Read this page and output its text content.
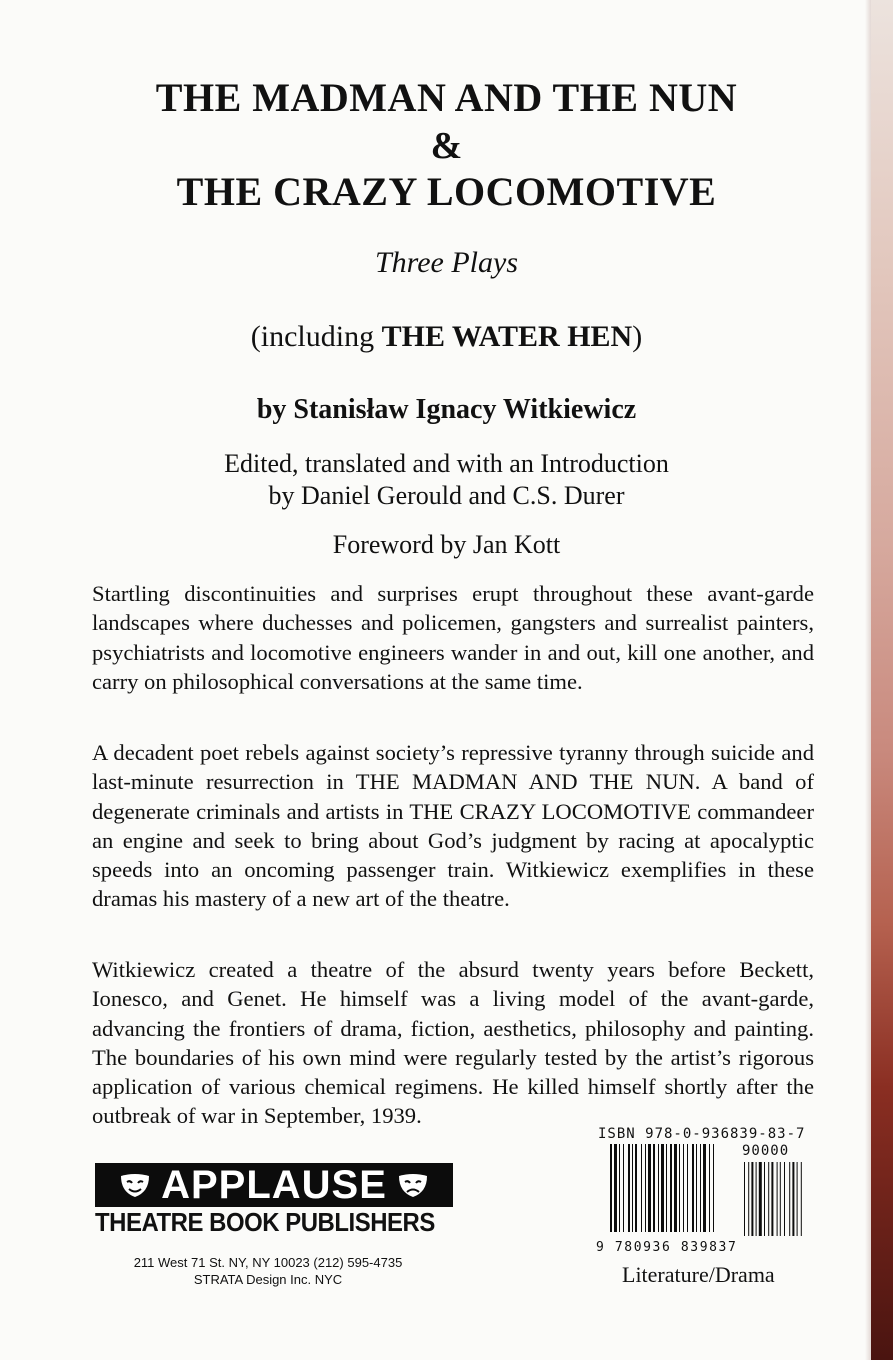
THE MADMAN AND THE NUN
&
THE CRAZY LOCOMOTIVE
Three Plays
(including THE WATER HEN)
by Stanisław Ignacy Witkiewicz
Edited, translated and with an Introduction
by Daniel Gerould and C.S. Durer
Foreword by Jan Kott

Startling discontinuities and surprises erupt throughout these avant-garde landscapes where duchesses and policemen, gangsters and surrealist painters, psychiatrists and locomotive engineers wander in and out, kill one another, and carry on philosophical conversations at the same time.

A decadent poet rebels against society’s repressive tyranny through suicide and last-minute resurrection in THE MADMAN AND THE NUN. A band of degenerate criminals and artists in THE CRAZY LOCOMOTIVE commandeer an engine and seek to bring about God’s judgment by racing at apocalyptic speeds into an oncoming passenger train. Witkiewicz exemplifies in these dramas his mastery of a new art of the theatre.

Witkiewicz created a theatre of the absurd twenty years before Beckett, Ionesco, and Genet. He himself was a living model of the avant-garde, advancing the frontiers of drama, fiction, aesthetics, philosophy and painting. The boundaries of his own mind were regularly tested by the artist’s rigorous application of various chemical regimens. He killed himself shortly after the outbreak of war in September, 1939.

APPLAUSE
THEATRE BOOK PUBLISHERS
211 West 71 St. NY, NY 10023 (212) 595-4735
STRATA Design Inc. NYC
ISBN 978-0-936839-83-7
90000
9 780936 839837
Literature/Drama
